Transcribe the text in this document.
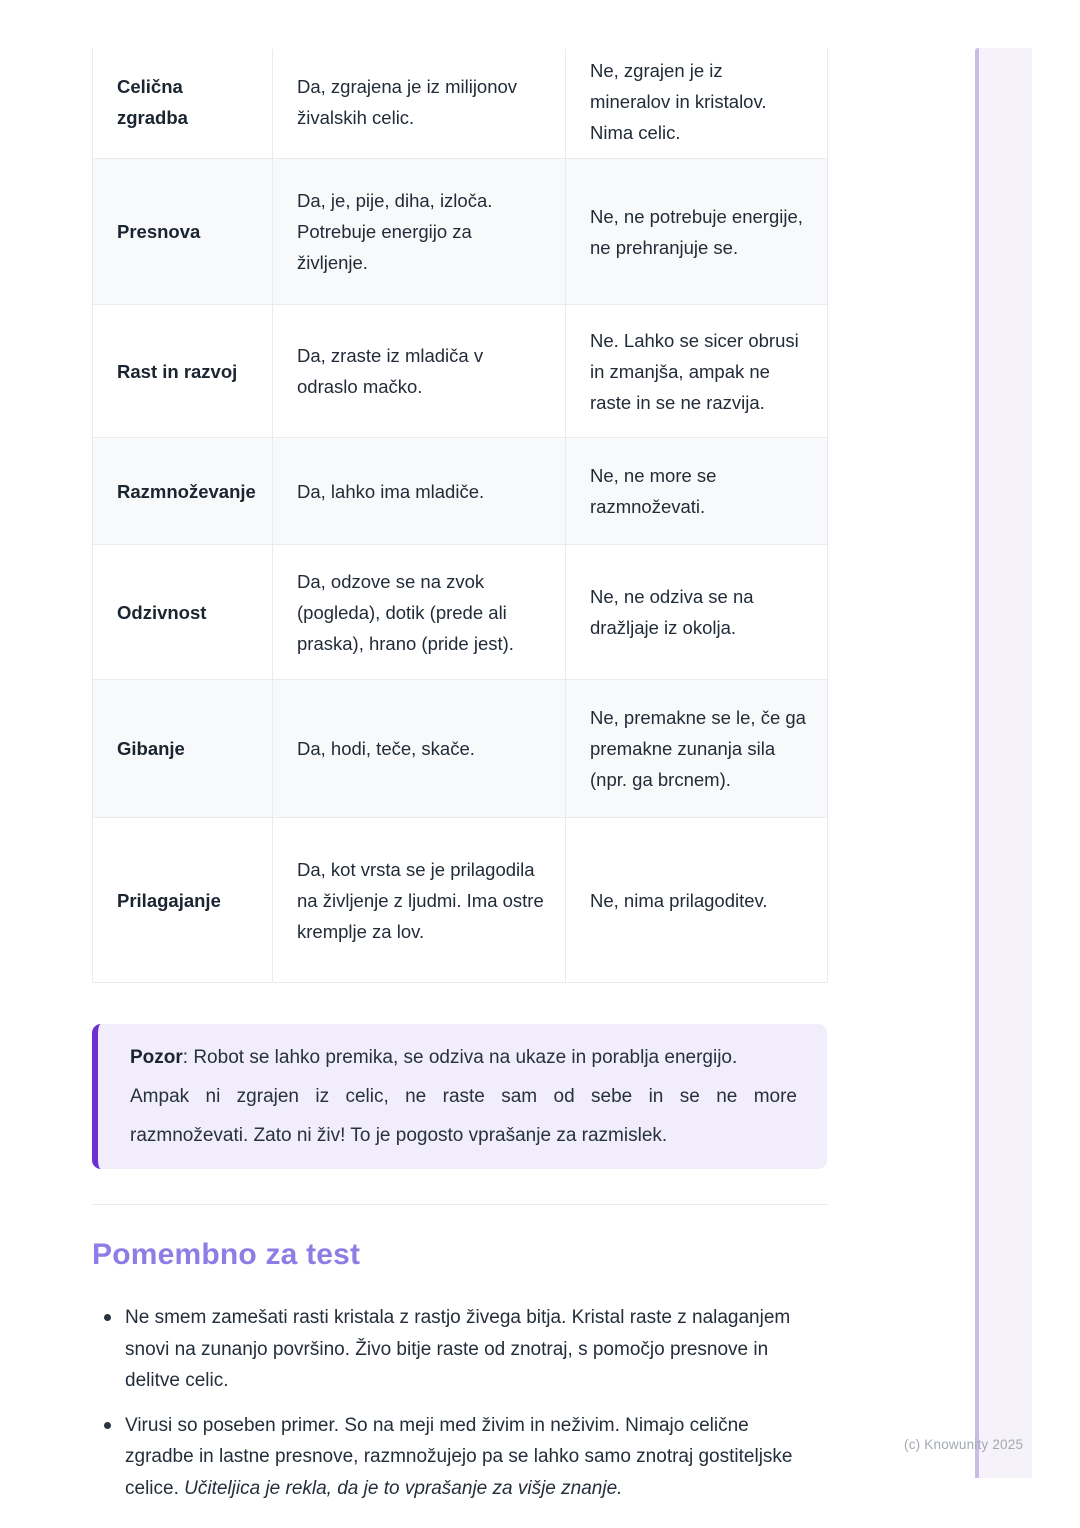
Celična zgradba	Da, zgrajena je iz milijonov živalskih celic.	Ne, zgrajen je iz mineralov in kristalov. Nima celic.
Presnova	Da, je, pije, diha, izloča. Potrebuje energijo za življenje.	Ne, ne potrebuje energije, ne prehranjuje se.
Rast in razvoj	Da, zraste iz mladiča v odraslo mačko.	Ne. Lahko se sicer obrusi in zmanjša, ampak ne raste in se ne razvija.
Razmnoževanje	Da, lahko ima mladiče.	Ne, ne more se razmnoževati.
Odzivnost	Da, odzove se na zvok (pogleda), dotik (prede ali praska), hrano (pride jest).	Ne, ne odziva se na dražljaje iz okolja.
Gibanje	Da, hodi, teče, skače.	Ne, premakne se le, če ga premakne zunanja sila (npr. ga brcnem).
Prilagajanje	Da, kot vrsta se je prilagodila na življenje z ljudmi. Ima ostre kremplje za lov.	Ne, nima prilagoditev.
Pozor: Robot se lahko premika, se odziva na ukaze in porablja energijo.
Ampak ni zgrajen iz celic, ne raste sam od sebe in se ne more
razmnoževati. Zato ni živ! To je pogosto vprašanje za razmislek.
Pomembno za test
Ne smem zamešati rasti kristala z rastjo živega bitja. Kristal raste z nalaganjem snovi na zunanjo površino. Živo bitje raste od znotraj, s pomočjo presnove in delitve celic.
Virusi so poseben primer. So na meji med živim in neživim. Nimajo celične zgradbe in lastne presnove, razmnožujejo pa se lahko samo znotraj gostiteljske celice. Učiteljica je rekla, da je to vprašanje za višje znanje.
(c) Knowunity 2025
